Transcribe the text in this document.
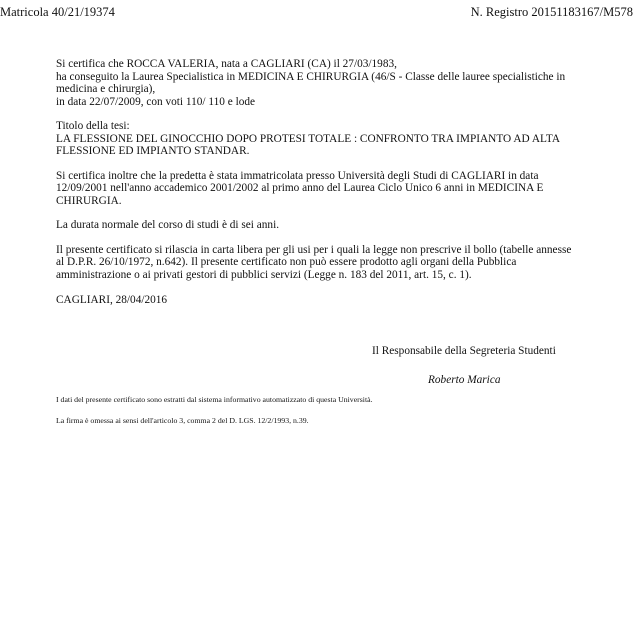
Matricola 40/21/19374	N. Registro 20151183167/M578

Si certifica che ROCCA VALERIA, nata a CAGLIARI (CA) il 27/03/1983,
ha conseguito la Laurea Specialistica in MEDICINA E CHIRURGIA (46/S - Classe delle lauree specialistiche in
medicina e chirurgia),
in data 22/07/2009, con voti 110/ 110 e lode

Titolo della tesi:
LA FLESSIONE DEL GINOCCHIO DOPO PROTESI TOTALE : CONFRONTO TRA IMPIANTO AD ALTA
FLESSIONE ED IMPIANTO STANDAR.

Si certifica inoltre che la predetta è stata immatricolata presso Università degli Studi di CAGLIARI in data
12/09/2001 nell'anno accademico 2001/2002 al primo anno del Laurea Ciclo Unico 6 anni in MEDICINA E
CHIRURGIA.

La durata normale del corso di studi è di sei anni.

Il presente certificato si rilascia in carta libera per gli usi per i quali la legge non prescrive il bollo (tabelle annesse
al D.P.R. 26/10/1972, n.642). Il presente certificato non può essere prodotto agli organi della Pubblica
amministrazione o ai privati gestori di pubblici servizi (Legge n. 183 del 2011, art. 15, c. 1).

CAGLIARI, 28/04/2016
Il Responsabile della Segreteria Studenti
Roberto Marica
I dati del presente certificato sono estratti dal sistema informativo automatizzato di questa Università.
La firma è omessa ai sensi dell'articolo 3, comma 2 del D. LGS. 12/2/1993, n.39.
